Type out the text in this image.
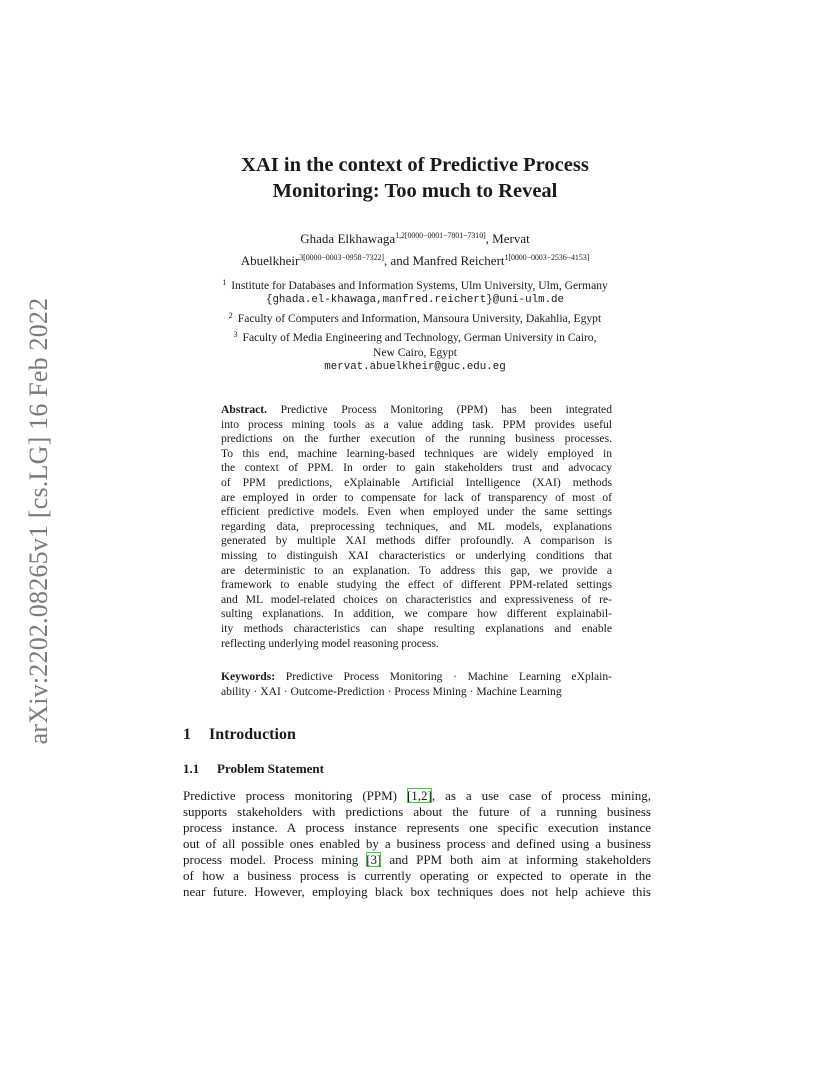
arXiv:2202.08265v1 [cs.LG] 16 Feb 2022
XAI in the context of Predictive Process
Monitoring: Too much to Reveal
Ghada Elkhawaga$^{1,2[0000-0001-7801-7310]}$, Mervat
Abuelkheir$^{3[0000-0003-0958-7322]}$, and Manfred Reichert$^{1[0000-0003-2536-4153]}$
$^1$ Institute for Databases and Information Systems, Ulm University, Ulm, Germany
{ghada.el-khawaga,manfred.reichert}@uni-ulm.de
$^2$ Faculty of Computers and Information, Mansoura University, Dakahlia, Egypt
$^3$ Faculty of Media Engineering and Technology, German University in Cairo,
New Cairo, Egypt
mervat.abuelkheir@guc.edu.eg
Abstract. Predictive Process Monitoring (PPM) has been integrated
into process mining tools as a value adding task. PPM provides useful
predictions on the further execution of the running business processes.
To this end, machine learning-based techniques are widely employed in
the context of PPM. In order to gain stakeholders trust and advocacy
of PPM predictions, eXplainable Artificial Intelligence (XAI) methods
are employed in order to compensate for lack of transparency of most of
efficient predictive models. Even when employed under the same settings
regarding data, preprocessing techniques, and ML models, explanations
generated by multiple XAI methods differ profoundly. A comparison is
missing to distinguish XAI characteristics or underlying conditions that
are deterministic to an explanation. To address this gap, we provide a
framework to enable studying the effect of different PPM-related settings
and ML model-related choices on characteristics and expressiveness of re-
sulting explanations. In addition, we compare how different explainabil-
ity methods characteristics can shape resulting explanations and enable
reflecting underlying model reasoning process.
Keywords: Predictive Process Monitoring · Machine Learning eXplain-
ability · XAI · Outcome-Prediction · Process Mining · Machine Learning
1 Introduction
1.1 Problem Statement
Predictive process monitoring (PPM) [1,2], as a use case of process mining,
supports stakeholders with predictions about the future of a running business
process instance. A process instance represents one specific execution instance
out of all possible ones enabled by a business process and defined using a business
process model. Process mining [3] and PPM both aim at informing stakeholders
of how a business process is currently operating or expected to operate in the
near future. However, employing black box techniques does not help achieve this
